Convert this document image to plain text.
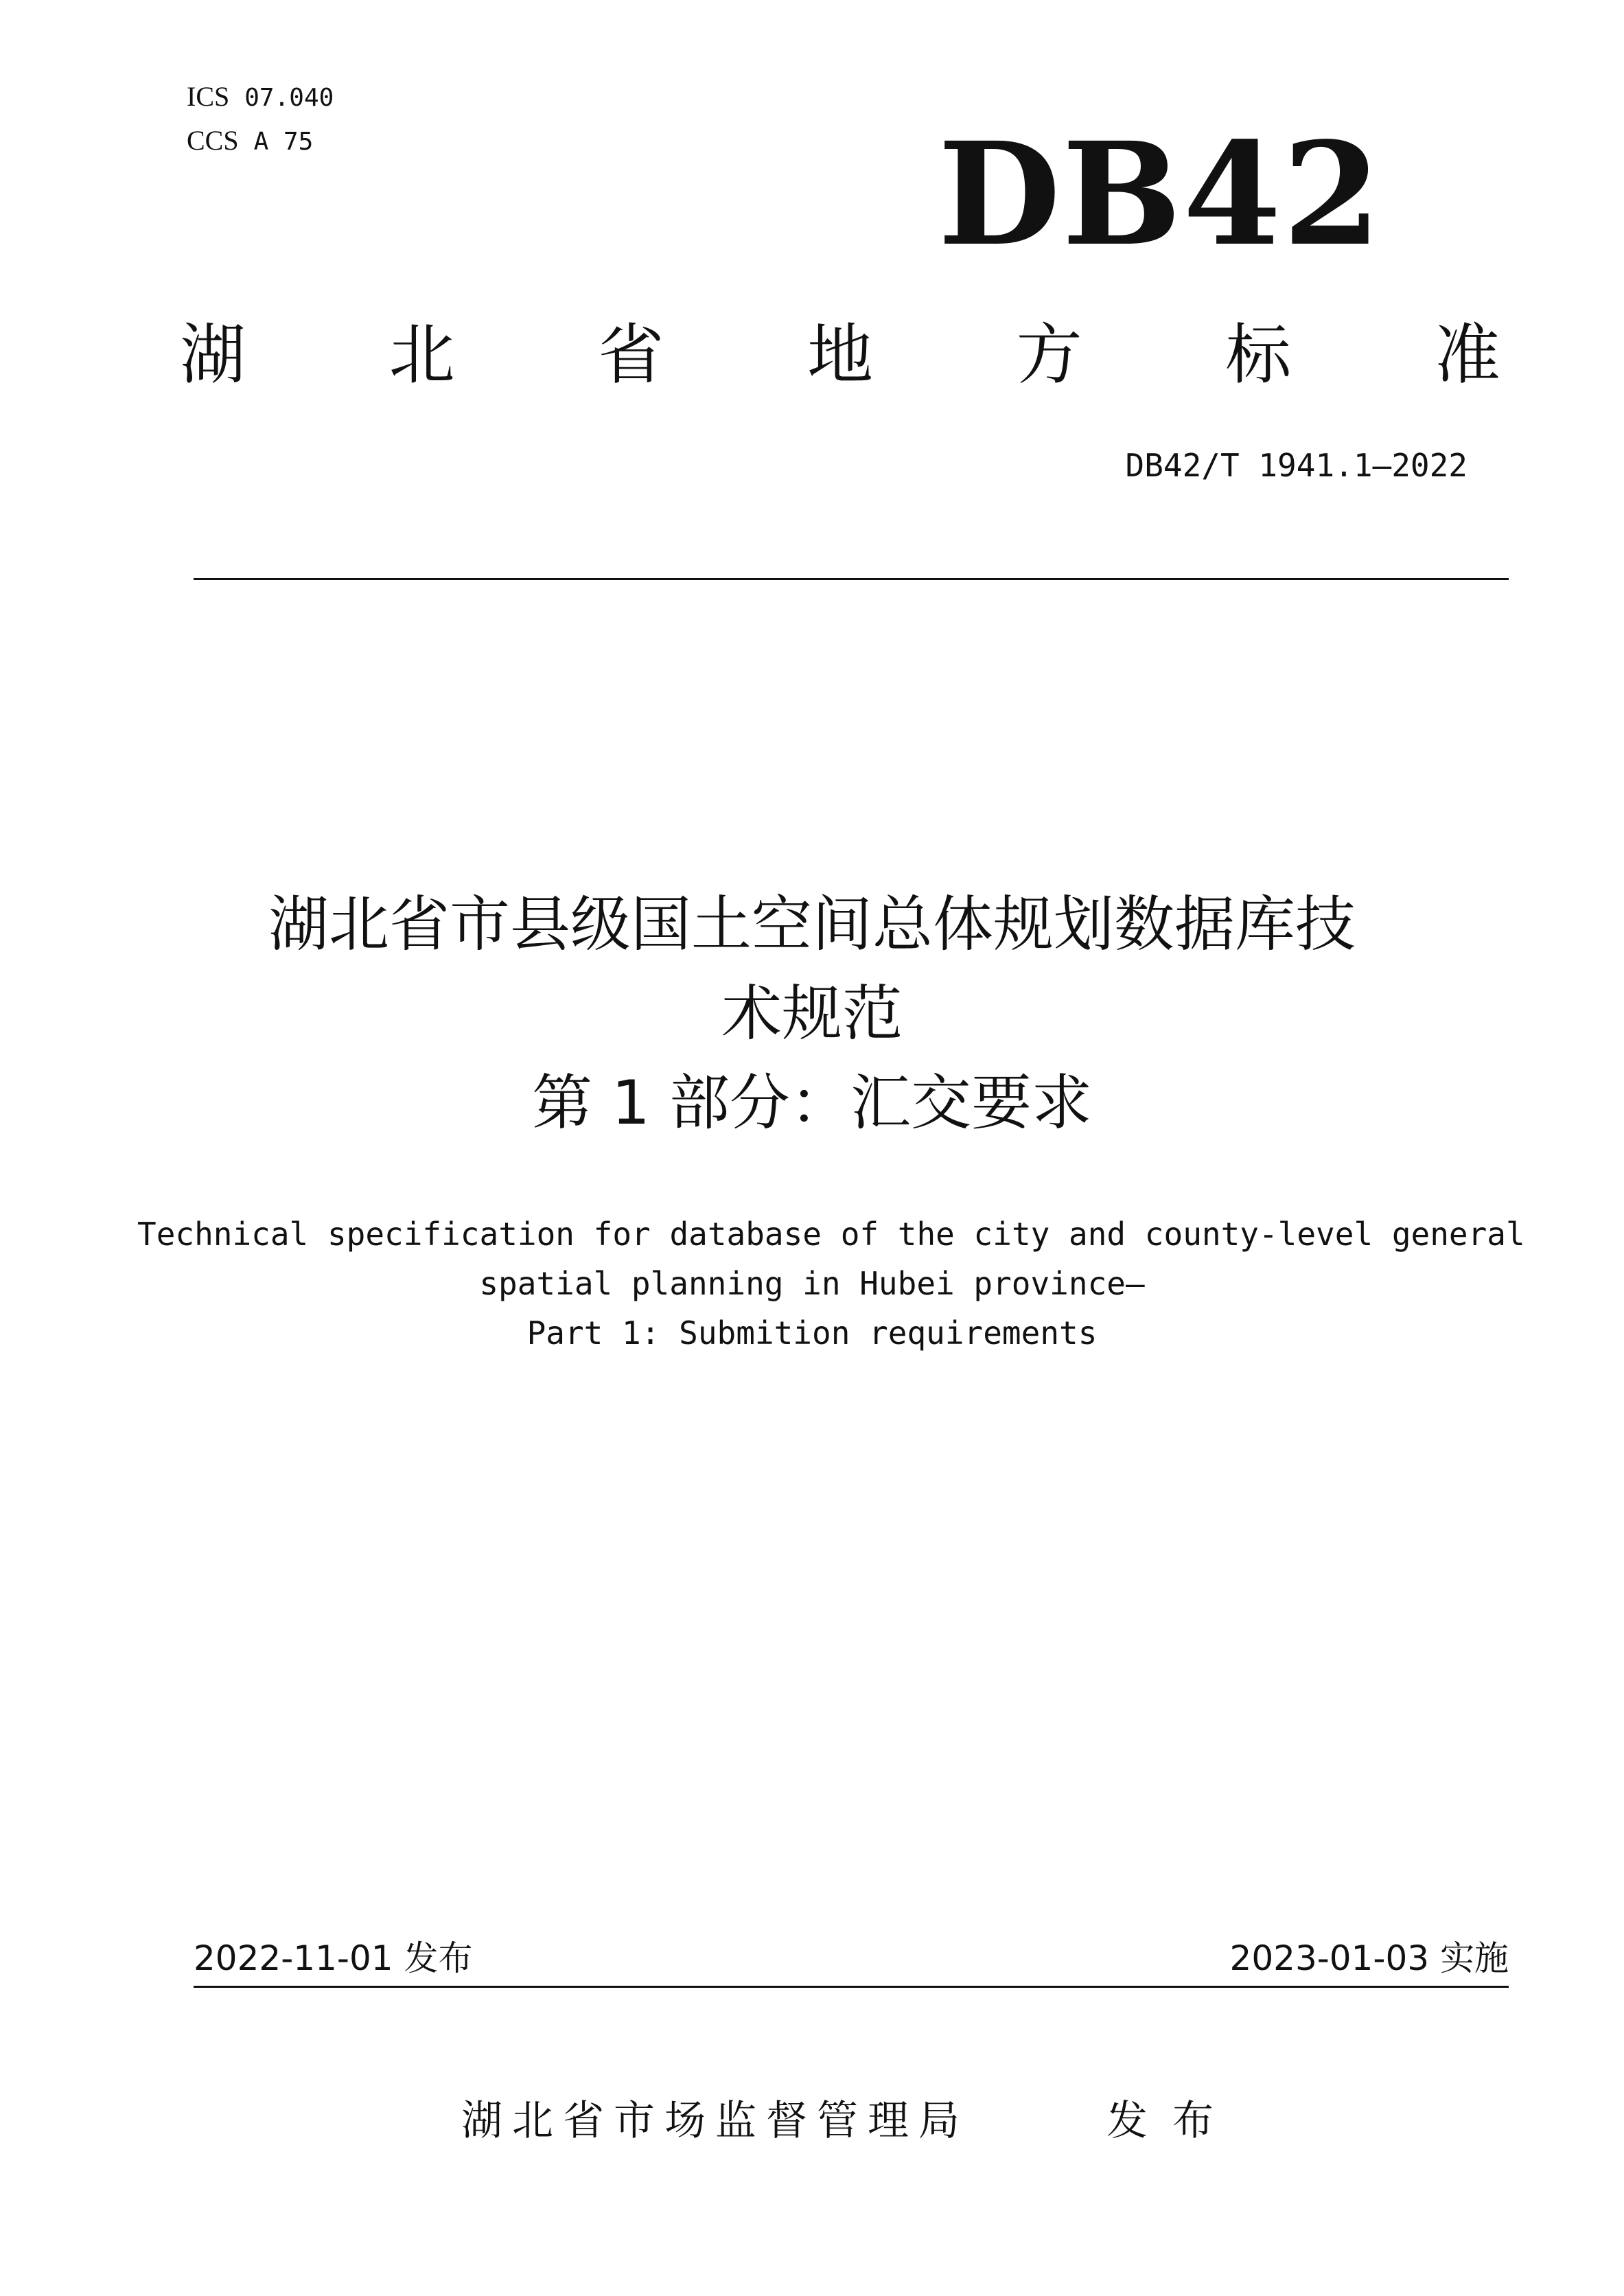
ICS 07.040
CCS A 75	DB42
湖 北 省 地 方 标 准
DB42/T 1941.1—2022
湖北省市县级国土空间总体规划数据库技
术规范
第 1 部分：汇交要求
Technical specification for database of the city and county-level general
spatial planning in Hubei province—
Part 1: Submition requirements
2022-11-01 发布	2023-01-03 实施
湖北省市场监督管理局	发布
